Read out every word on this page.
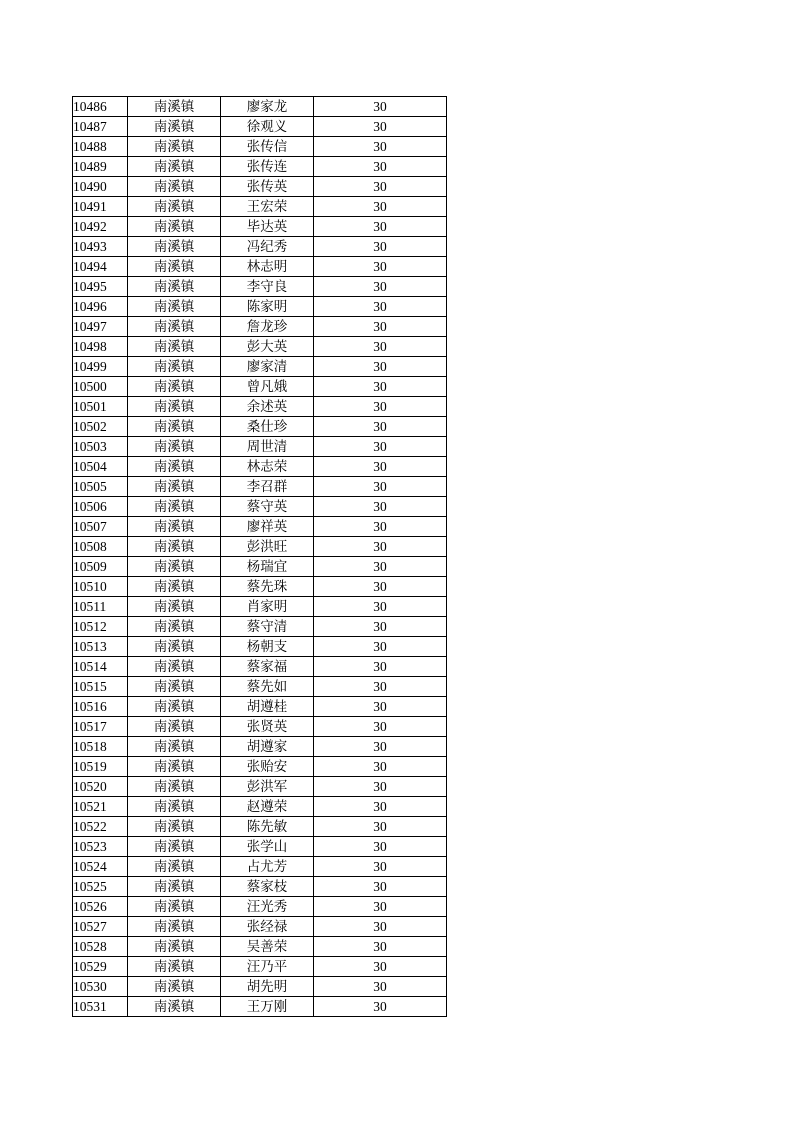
10486	南溪镇	廖家龙	30
10487	南溪镇	徐观义	30
10488	南溪镇	张传信	30
10489	南溪镇	张传连	30
10490	南溪镇	张传英	30
10491	南溪镇	王宏荣	30
10492	南溪镇	毕达英	30
10493	南溪镇	冯纪秀	30
10494	南溪镇	林志明	30
10495	南溪镇	李守良	30
10496	南溪镇	陈家明	30
10497	南溪镇	詹龙珍	30
10498	南溪镇	彭大英	30
10499	南溪镇	廖家清	30
10500	南溪镇	曾凡娥	30
10501	南溪镇	余述英	30
10502	南溪镇	桑仕珍	30
10503	南溪镇	周世清	30
10504	南溪镇	林志荣	30
10505	南溪镇	李召群	30
10506	南溪镇	蔡守英	30
10507	南溪镇	廖祥英	30
10508	南溪镇	彭洪旺	30
10509	南溪镇	杨瑞宜	30
10510	南溪镇	蔡先珠	30
10511	南溪镇	肖家明	30
10512	南溪镇	蔡守清	30
10513	南溪镇	杨朝支	30
10514	南溪镇	蔡家福	30
10515	南溪镇	蔡先如	30
10516	南溪镇	胡遵桂	30
10517	南溪镇	张贤英	30
10518	南溪镇	胡遵家	30
10519	南溪镇	张贻安	30
10520	南溪镇	彭洪军	30
10521	南溪镇	赵遵荣	30
10522	南溪镇	陈先敏	30
10523	南溪镇	张学山	30
10524	南溪镇	占尤芳	30
10525	南溪镇	蔡家枝	30
10526	南溪镇	汪光秀	30
10527	南溪镇	张经禄	30
10528	南溪镇	吴善荣	30
10529	南溪镇	汪乃平	30
10530	南溪镇	胡先明	30
10531	南溪镇	王万刚	30
